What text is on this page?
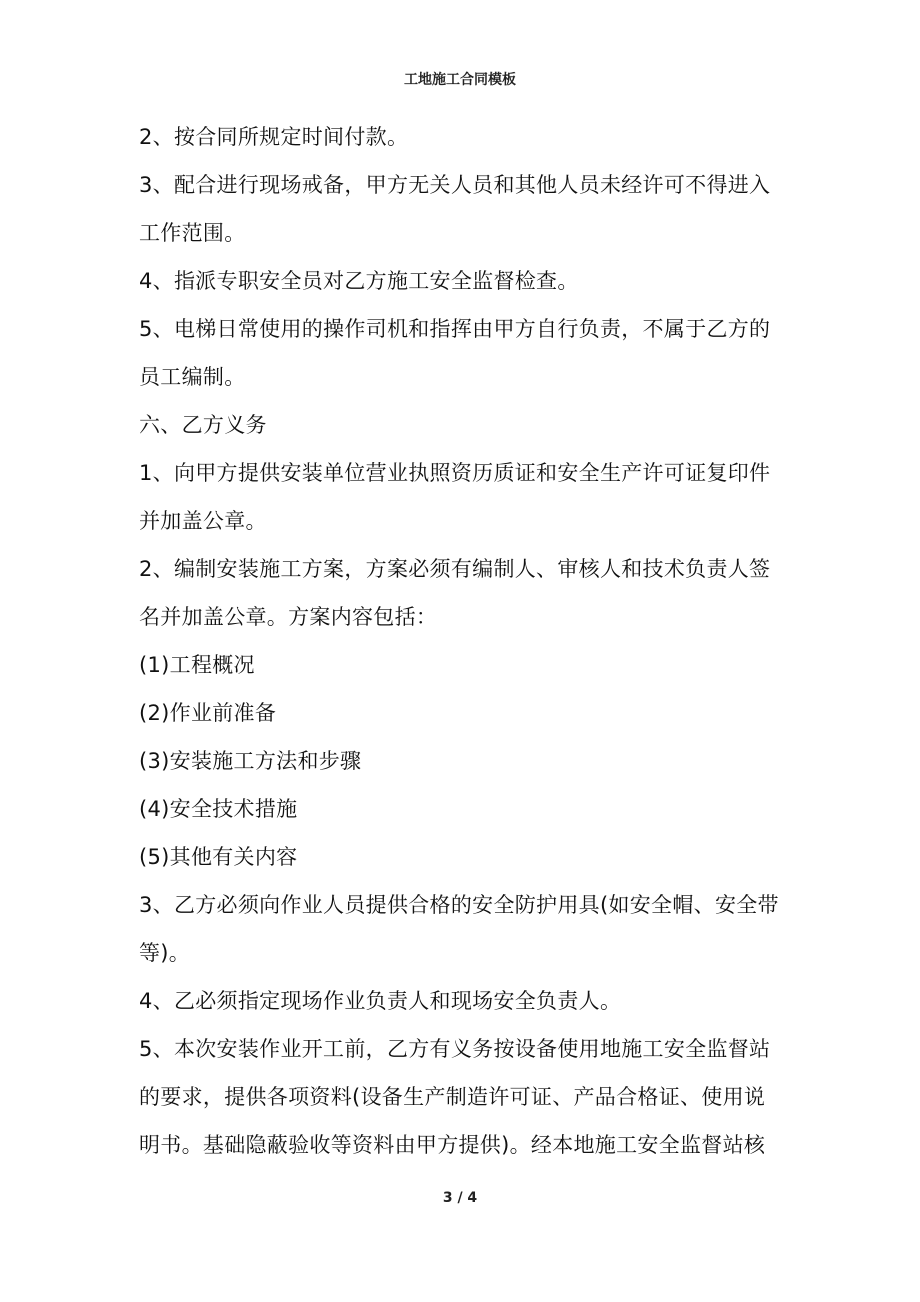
工地施工合同模板

2、按合同所规定时间付款。

3、配合进行现场戒备，甲方无关人员和其他人员未经许可不得进入

工作范围。

4、指派专职安全员对乙方施工安全监督检查。

5、电梯日常使用的操作司机和指挥由甲方自行负责，不属于乙方的

员工编制。

六、乙方义务

1、向甲方提供安装单位营业执照资历质证和安全生产许可证复印件

并加盖公章。

2、编制安装施工方案，方案必须有编制人、审核人和技术负责人签

名并加盖公章。方案内容包括：

(1)工程概况

(2)作业前准备

(3)安装施工方法和步骤

(4)安全技术措施

(5)其他有关内容

3、乙方必须向作业人员提供合格的安全防护用具(如安全帽、安全带

等)。

4、乙必须指定现场作业负责人和现场安全负责人。

5、本次安装作业开工前，乙方有义务按设备使用地施工安全监督站

的要求，提供各项资料(设备生产制造许可证、产品合格证、使用说

明书。基础隐蔽验收等资料由甲方提供)。经本地施工安全监督站核

3 / 4
